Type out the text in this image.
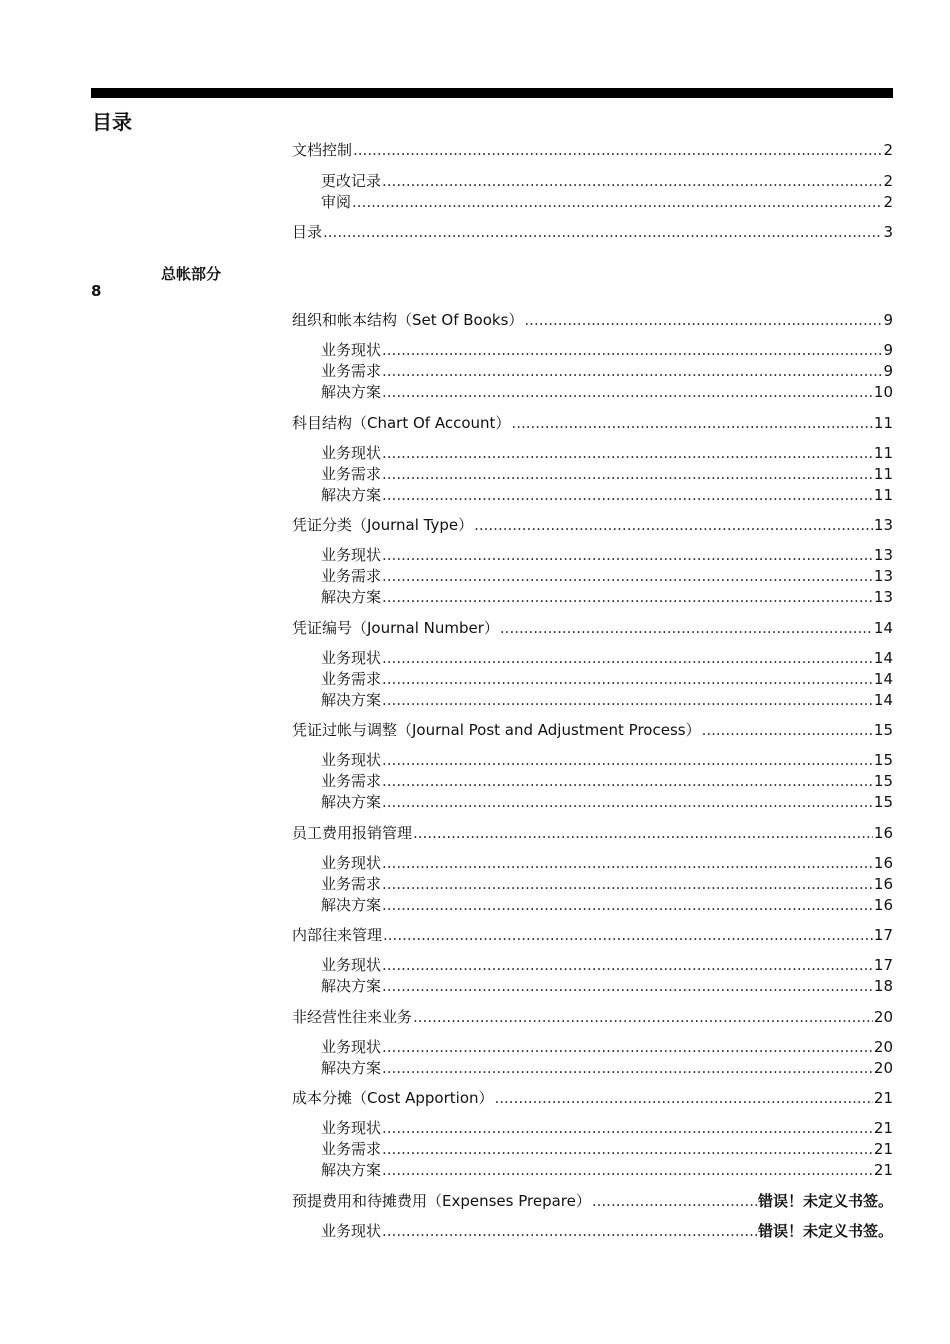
目录
总帐部分
8
文档控制 .....	2
更改记录 .....	2
审阅 .....	2
目录 .....	3
组织和帐本结构（Set Of Books） .....	9
业务现状 .....	9
业务需求 .....	9
解决方案 .....	10
科目结构（Chart Of Account） .....	11
业务现状 .....	11
业务需求 .....	11
解决方案 .....	11
凭证分类（Journal Type） .....	13
业务现状 .....	13
业务需求 .....	13
解决方案 .....	13
凭证编号（Journal Number） .....	14
业务现状 .....	14
业务需求 .....	14
解决方案 .....	14
凭证过帐与调整（Journal Post and Adjustment Process） .....	15
业务现状 .....	15
业务需求 .....	15
解决方案 .....	15
员工费用报销管理 .....	16
业务现状 .....	16
业务需求 .....	16
解决方案 .....	16
内部往来管理 .....	17
业务现状 .....	17
解决方案 .....	18
非经营性往来业务 .....	20
业务现状 .....	20
解决方案 .....	20
成本分摊（Cost Apportion） .....	21
业务现状 .....	21
业务需求 .....	21
解决方案 .....	21
预提费用和待摊费用（Expenses Prepare） .....	错误！未定义书签。
业务现状 .....	错误！未定义书签。
